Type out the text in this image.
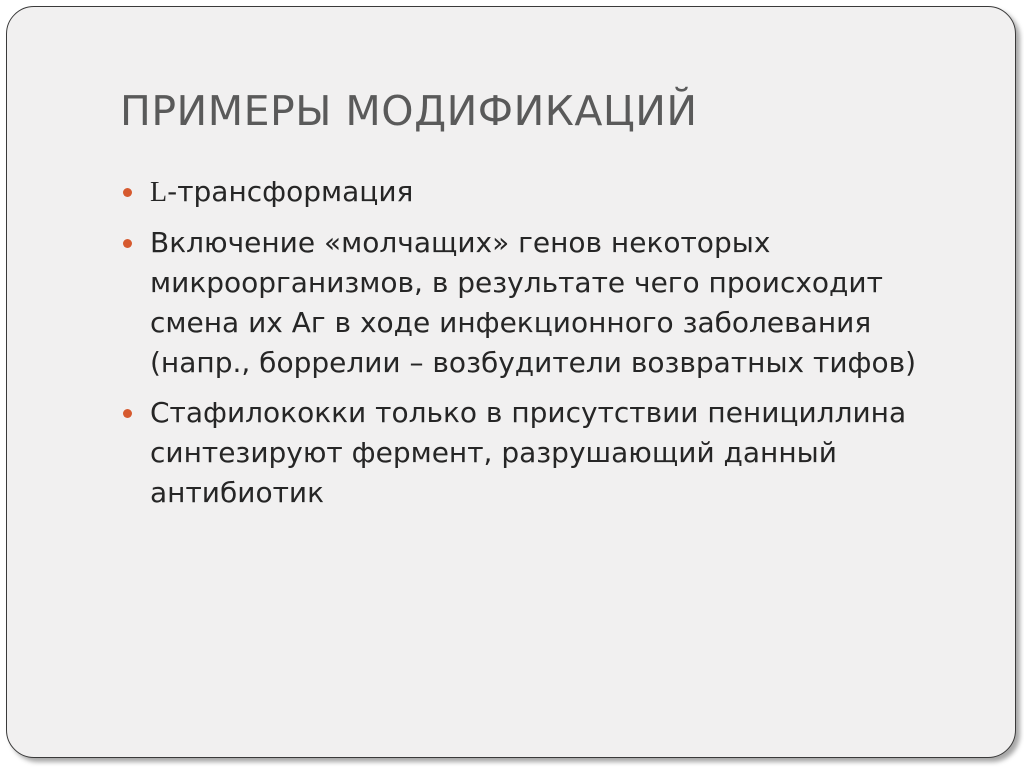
ПРИМЕРЫ МОДИФИКАЦИЙ
L-трансформация
Включение «молчащих» генов некоторых микроорганизмов, в результате чего происходит смена их Аг в ходе инфекционного заболевания (напр., боррелии – возбудители возвратных тифов)
Стафилококки только в присутствии пенициллина синтезируют фермент, разрушающий данный антибиотик
